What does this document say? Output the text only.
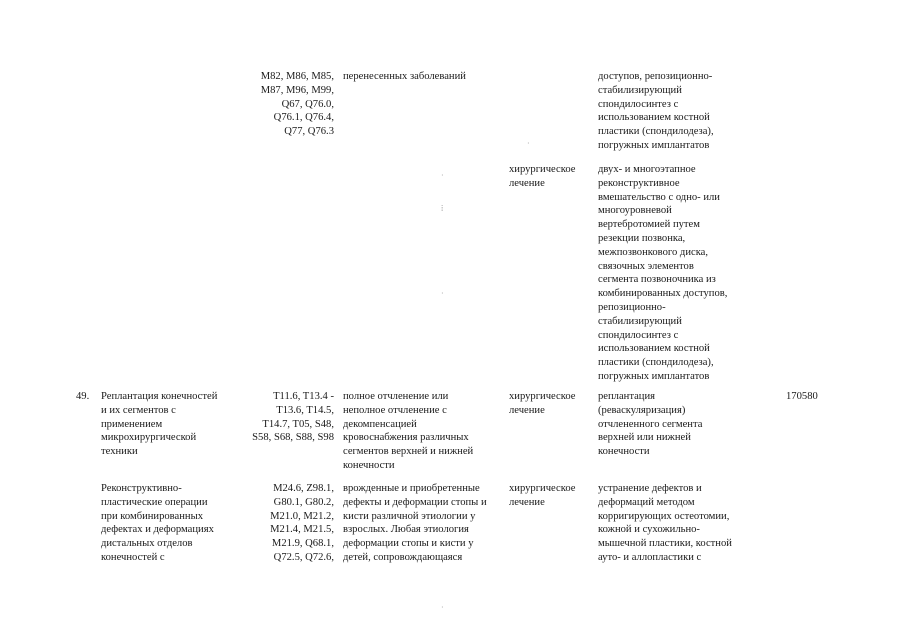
M82, M86, M85,
M87, M96, M99,
Q67, Q76.0,
Q76.1, Q76.4,
Q77, Q76.3
перенесенных заболеваний	доступов, репозиционно-
стабилизирующий
спондилосинтез с
использованием костной
пластики (спондилодеза),
погружных имплантатов
хирургическое
лечение
двух- и многоэтапное
реконструктивное
вмешательство с одно- или
многоуровневой
вертебротомией путем
резекции позвонка,
межпозвонкового диска,
связочных элементов
сегмента позвоночника из
комбинированных доступов,
репозиционно-
стабилизирующий
спондилосинтез с
использованием костной
пластики (спондилодеза),
погружных имплантатов
49.	Реплантация конечностей
и их сегментов с
применением
микрохирургической
техники
T11.6, T13.4 -
T13.6, T14.5,
T14.7, T05, S48,
S58, S68, S88, S98
полное отчленение или
неполное отчленение с
декомпенсацией
кровоснабжения различных
сегментов верхней и нижней
конечности
хирургическое
лечение
реплантация
(реваскуляризация)
отчлененного сегмента
верхней или нижней
конечности
170580
Реконструктивно-
пластические операции
при комбинированных
дефектах и деформациях
дистальных отделов
конечностей с
M24.6, Z98.1,
G80.1, G80.2,
M21.0, M21.2,
M21.4, M21.5,
M21.9, Q68.1,
Q72.5, Q72.6,
врожденные и приобретенные
дефекты и деформации стопы и
кисти различной этиологии у
взрослых. Любая этиология
деформации стопы и кисти у
детей, сопровождающаяся
хирургическое
лечение
устранение дефектов и
деформаций методом
корригирующих остеотомии,
кожной и сухожильно-
мышечной пластики, костной
ауто- и аллопластики с
·
⁞
·
·
·
